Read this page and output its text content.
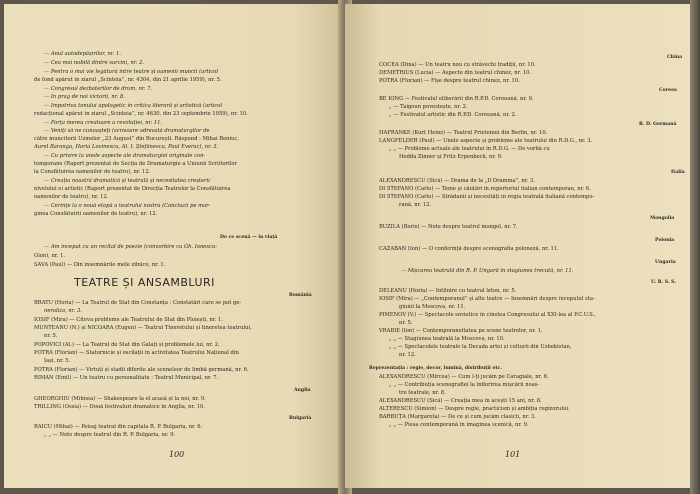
— Anul autodepășirilor, nr. 1.
— Cea mai nobilă dintre sarcini, nr. 2.
— Pentru o mai vie legătură între teatre și oamenii muncii (articol
de fond apărut în ziarul „Scînteia”, nr. 4304, din 21 aprilie 1959), nr. 5.
— Congresul dezbaterilor de drum, nr. 7.
— În prag de noi victorii, nr. 8.
— Impotriva tonului apologetic în critica literară și artistică (articol
redacțional apărut în ziarul „Scînteia”, nr. 4630, din 23 septembrie 1959), nr. 10.
— Forța mereu creatoare a revoluției, nr. 11.
— Veniți să ne cunoașteți (scrisoare adresată dramaturgilor de
către muncitorii Uzinelor „23 August” din București. Răspund : Mihai Beniuc,
Aurel Baranga, Horia Lovinescu, Al. I. Ștefănescu, Paul Everac), nr. 3.
— Cu privire la unele aspecte ale dramaturgiei originale con-
temporane (Raport prezentat de Secția de Dramaturgie a Uniunii Scriitorilor
la Consfătuirea oamenilor de teatru), nr. 12.
— Creația noastră dramatică și teatrală și necesitatea creșterii
nivelului ei artistic (Raport prezentat de Direcția Teatrelor la Consfătuirea
oamenilor de teatru), nr. 12.
— Cerințe la o nouă etapă a teatrului nostru (Concluzii pe mar-
ginea Consfătuirii oamenilor de teatru), nr. 12.
De ce scenă — în viață
— Am început cu un recital de poezie (convorbire cu Gh. Ionescu-
Gion), nr. 1.
SAVA (Paul) — Din însemnările mele zilnice, nr. 1.
TEATRE ȘI ANSAMBLURI
România
BRATU (Horia) — La Teatrul de Stat din Constanța : Constatări care se pot ge-
neraliza, nr. 3.
IOSIF (Mira) — Cîteva probleme ale Teatrului de Stat din Ploiești, nr. 1.
MUNTEANU (N.) și NICOARĂ (Eugen) — Teatrul Tineretului și tineretea teatrului,
nr. 5.
POPOVICI (Al.) — La Teatrul de Stat din Galați și problemele lui, nr. 2.
POTRA (Florian) — Statornicie și oscilații în activitatea Teatrului Național din
Iași, nr. 5.
POTRA (Florian) — Virtuți și stadii diferite ale sceneleor de limbă germană, nr. 6.
RIMAN (Emil) — Un teatru cu personalitate : Teatrul Municipal, nr. 7.
Anglia
GHEORGHIU (Mihnea) — Shakespeare la el acasă și la noi, nr. 9.
TRILLING (Ossia) — Două festivaluri dramatice în Anglia, nr. 10.
Bulgaria
RAICU (Mihai) — Peisaj teatral din capitala R. P. Bulgaria, nr. 6.
„ „ — Note despre teatrul din R. P. Bulgaria, nr. 9.
100
China
COCEA (Dina) — Un teatru nou cu străvechi tradiții, nr. 10.
DEMETRIUS (Lucia) — Aspecte din teatrul chinez, nr. 10.
POTRA (Florian) — Fișe despre teatrul chinez, nr. 10.
Coreea
BE IONG — Festivalul eliberării din R.P.D. Coreeană, nr. 9.
„ — Taigoun povestește, nr. 2.
„ — Festivalul artistic din R.P.D. Coreeană, nr. 2.
R. D. Germană
HAFRANKE (Kurt Heinz) — Teatrul Prieteniei din Berlin, nr. 10.
LANGFELDER (Paul) — Unele aspecte și probleme ale teatrului din R.D.G., nr. 3.
„ „ — Probleme actuale ale teatrului în R.D.G. — De vorbă cu
Hedda Zinner și Fritz Erpenbeck, nr. 9.
Italia
ALEXANDRESCU (Sică) — Drama de la „Il Dramma”, nr. 3.
DI STEFANO (Carlo) — Teme și căutări în repertoriul italian contemporan, nr. 6.
DI STEFANO (Carlo) — Strădanii și necesități în regia teatrală italiană contempo-
rană, nr. 12.
Mongolia
BUZILĂ (Boris) — Note despre teatrul mongol, nr. 7.
Polonia
CAZABAN (Ion) — O conferință despre scenografia poloneză, nr. 11.
Ungaria
— Mișcarea teatrală din R. P. Ungară în stagiunea trecută, nr. 11.
U. R. S. S.
DELEANU (Horia) — Intîlnire cu teatrul leton, nr. 5.
IOSIF (Mira) — „Contemporanul” și alte teatre — Însemnări despre începutul sta-
giunii la Moscova, nr. 11.
PIMENOV (V.) — Spectacole sovietice în cinstea Congresului al XXI-lea al P.C.U.S.,
nr. 5.
VRABIE (Ion) — Contemporaneitatea pe scene teatrelor, nr. 1.
„ „ — Stagiunea teatrală la Moscova, nr. 10.
„ „ — Spectacolele teatrale la Decada artei și culturii din Uzbekistan,
nr. 12.
Reprezentația : regie, decor, lumină, distribuții etc.
ALEXANDRESCU (Mircea) — Cum l-ți jucăm pe Caragiale, nr. 6.
„ „ — Contribuția scenografiei la înflorirea mișcării noas-
tre teatrale, nr. 8.
ALEXANDRESCU (Sică) — Creația mea în acești 15 ani, nr. 8.
ALTERESCU (Simion) — Despre regie, practicism și ambiția regizorului.
BARBUȚĂ (Margareta) — De ce și cum jucăm clasicii, nr. 3.
„ „ — Piesa contemporană în imaginea scenică, nr. 9.
101
